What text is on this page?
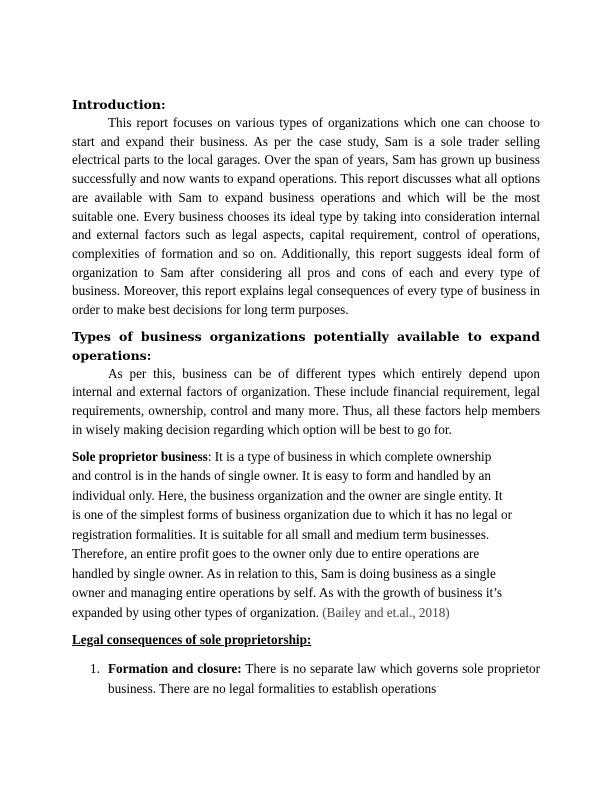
Introduction:

This report focuses on various types of organizations which one can choose to start and expand their business. As per the case study, Sam is a sole trader selling electrical parts to the local garages. Over the span of years, Sam has grown up business successfully and now wants to expand operations. This report discusses what all options are available with Sam to expand business operations and which will be the most suitable one. Every business chooses its ideal type by taking into consideration internal and external factors such as legal aspects, capital requirement, control of operations, complexities of formation and so on. Additionally, this report suggests ideal form of organization to Sam after considering all pros and cons of each and every type of business. Moreover, this report explains legal consequences of every type of business in order to make best decisions for long term purposes.

Types of business organizations potentially available to expand operations:

As per this, business can be of different types which entirely depend upon internal and external factors of organization. These include financial requirement, legal requirements, ownership, control and many more. Thus, all these factors help members in wisely making decision regarding which option will be best to go for.

Sole proprietor business: It is a type of business in which complete ownership
and control is in the hands of single owner. It is easy to form and handled by an
individual only. Here, the business organization and the owner are single entity. It
is one of the simplest forms of business organization due to which it has no legal or
registration formalities. It is suitable for all small and medium term businesses.
Therefore, an entire profit goes to the owner only due to entire operations are
handled by single owner. As in relation to this, Sam is doing business as a single
owner and managing entire operations by self. As with the growth of business it’s
expanded by using other types of organization. (Bailey and et.al., 2018)

Legal consequences of sole proprietorship:

1. Formation and closure: There is no separate law which governs sole proprietor business. There are no legal formalities to establish operations
